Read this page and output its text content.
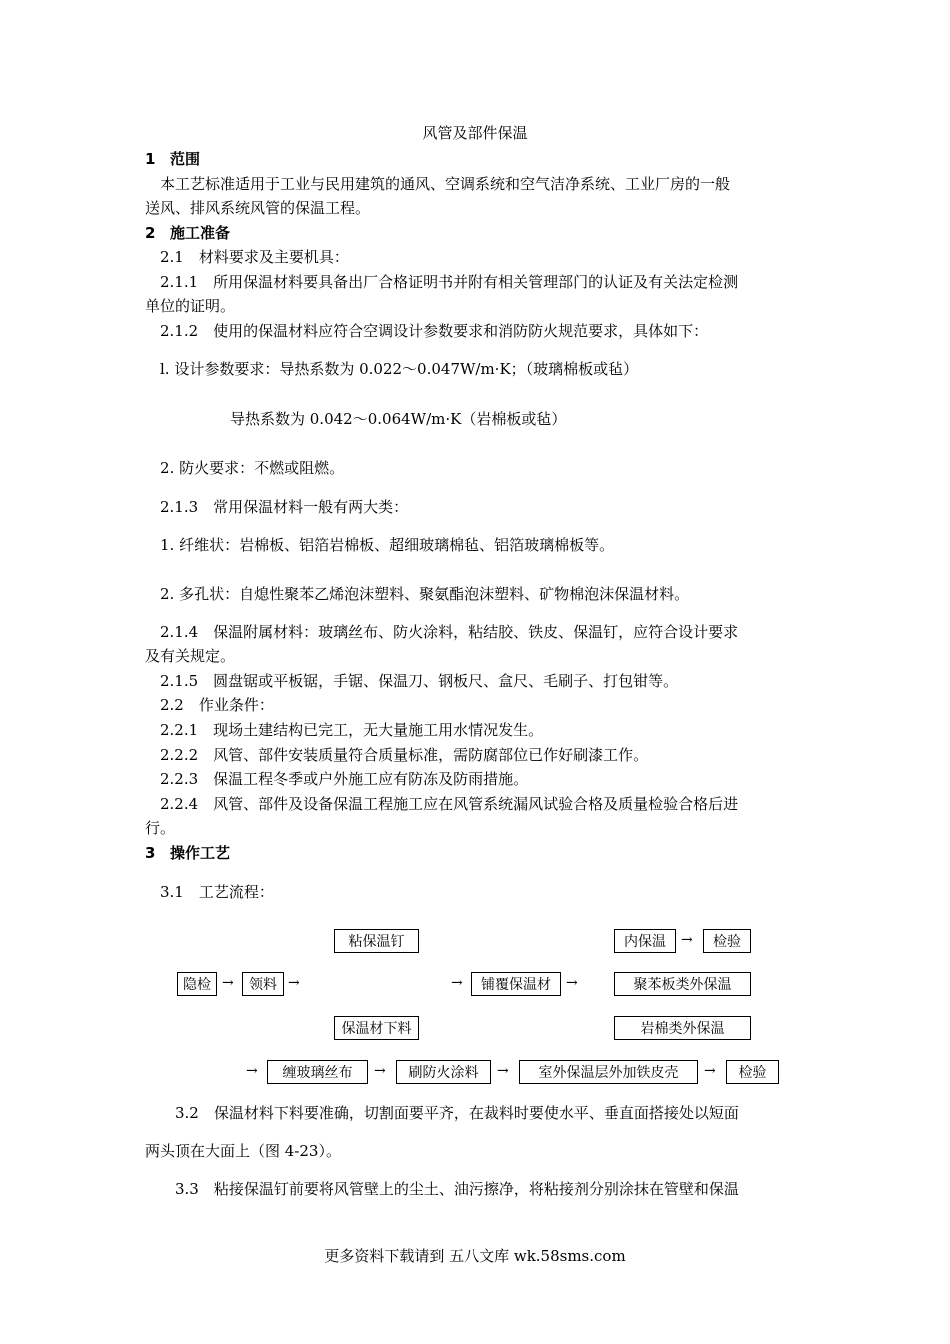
风管及部件保温
1 范围
本工艺标准适用于工业与民用建筑的通风、空调系统和空气洁净系统、工业厂房的一般
送风、排风系统风管的保温工程。
2 施工准备
2.1　材料要求及主要机具：
2.1.1　所用保温材料要具备出厂合格证明书并附有相关管理部门的认证及有关法定检测
单位的证明。
2.1.2　使用的保温材料应符合空调设计参数要求和消防防火规范要求，具体如下：
l. 设计参数要求：导热系数为 0.022～0.047W/m·K；（玻璃棉板或毡）
导热系数为 0.042～0.064W/m·K（岩棉板或毡）
2. 防火要求：不燃或阻燃。
2.1.3　常用保温材料一般有两大类：
1. 纤维状：岩棉板、铝箔岩棉板、超细玻璃棉毡、铝箔玻璃棉板等。
2. 多孔状：自熄性聚苯乙烯泡沫塑料、聚氨酯泡沫塑料、矿物棉泡沫保温材料。
2.1.4　保温附属材料：玻璃丝布、防火涂料，粘结胶、铁皮、保温钉，应符合设计要求
及有关规定。
2.1.5　圆盘锯或平板锯，手锯、保温刀、钢板尺、盒尺、毛刷子、打包钳等。
2.2　作业条件：
2.2.1　现场土建结构已完工，无大量施工用水情况发生。
2.2.2　风管、部件安装质量符合质量标准，需防腐部位已作好刷漆工作。
2.2.3　保温工程冬季或户外施工应有防冻及防雨措施。
2.2.4　风管、部件及设备保温工程施工应在风管系统漏风试验合格及质量检验合格后进
行。
3 操作工艺
3.1　工艺流程：
粘保温钉	内保温	→	检验
隐检 →	领料 →	→	铺覆保温材	→	聚苯板类外保温
保温材下料	岩棉类外保温
→	缠玻璃丝布	→	刷防火涂料	→	室外保温层外加铁皮壳	→	检验
3.2　保温材料下料要准确，切割面要平齐，在裁料时要使水平、垂直面搭接处以短面
两头顶在大面上（图 4-23）。
3.3　粘接保温钉前要将风管壁上的尘土、油污擦净，将粘接剂分别涂抹在管壁和保温
更多资料下载请到 五八文库 wk.58sms.com
